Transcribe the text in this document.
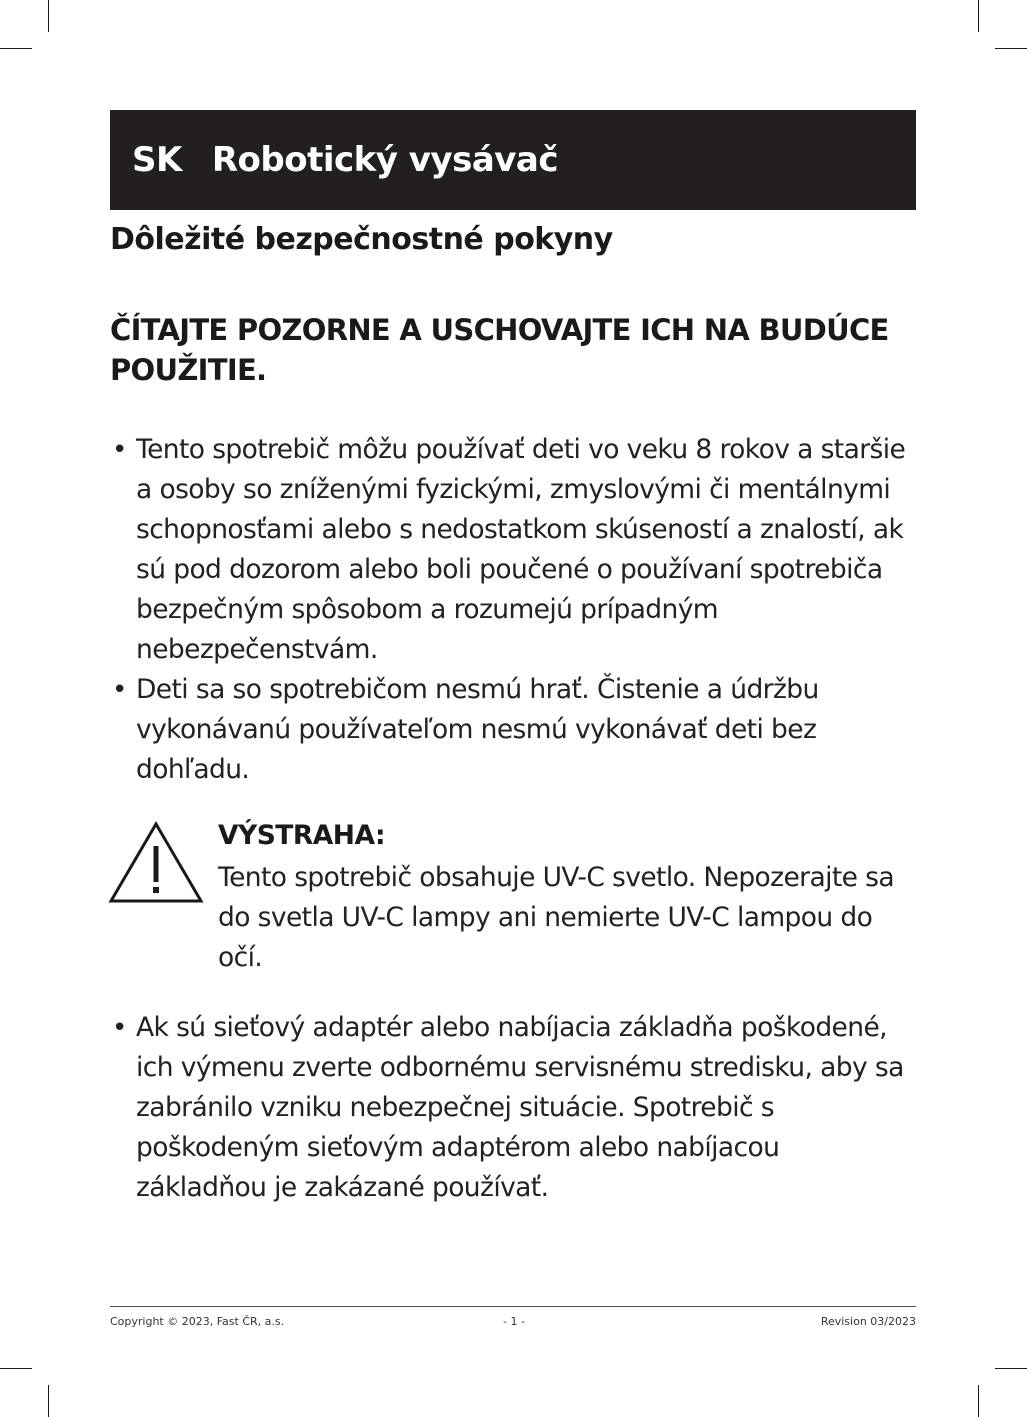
SK Robotický vysávač
Dôležité bezpečnostné pokyny
ČÍTAJTE POZORNE A USCHOVAJTE ICH NA BUDÚCE POUŽITIE.
• Tento spotrebič môžu používať deti vo veku 8 rokov a staršie a osoby so zníženými fyzickými, zmyslovými či mentálnymi schopnosťami alebo s nedostatkom skúseností a znalostí, ak sú pod dozorom alebo boli poučené o používaní spotrebiča bezpečným spôsobom a rozumejú prípadným nebezpečenstvám.
• Deti sa so spotrebičom nesmú hrať. Čistenie a údržbu vykonávanú používateľom nesmú vykonávať deti bez dohľadu.
VÝSTRAHA:

Tento spotrebič obsahuje UV-C svetlo. Nepozerajte sa do svetla UV-C lampy ani nemierte UV-C lampou do očí.

• Ak sú sieťový adaptér alebo nabíjacia základňa poškodené, ich výmenu zverte odbornému servisnému stredisku, aby sa zabránilo vzniku nebezpečnej situácie. Spotrebič s poškodeným sieťovým adaptérom alebo nabíjacou základňou je zakázané používať.
Copyright © 2023, Fast ČR, a.s.	- 1 -	Revision 03/2023
